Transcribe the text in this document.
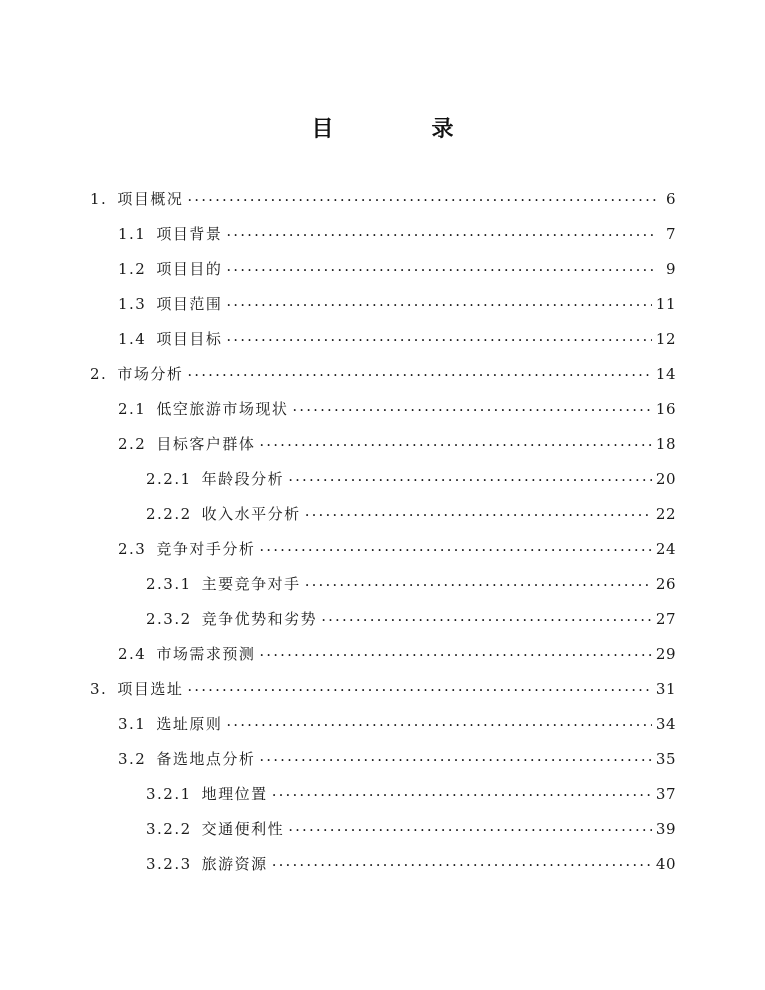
目　录
1. 项目概况 . . .	6
1.1 项目背景 . . .	7
1.2 项目目的 . . .	9
1.3 项目范围 . . .	11
1.4 项目目标 . . .	12
2. 市场分析 . . .	14
2.1 低空旅游市场现状 . . .	16
2.2 目标客户群体 . . .	18
2.2.1 年龄段分析 . . .	20
2.2.2 收入水平分析 . . .	22
2.3 竞争对手分析 . . .	24
2.3.1 主要竞争对手 . . .	26
2.3.2 竞争优势和劣势 . . .	27
2.4 市场需求预测 . . .	29
3. 项目选址 . . .	31
3.1 选址原则 . . .	34
3.2 备选地点分析 . . .	35
3.2.1 地理位置 . . .	37
3.2.2 交通便利性 . . .	39
3.2.3 旅游资源 . . .	40
